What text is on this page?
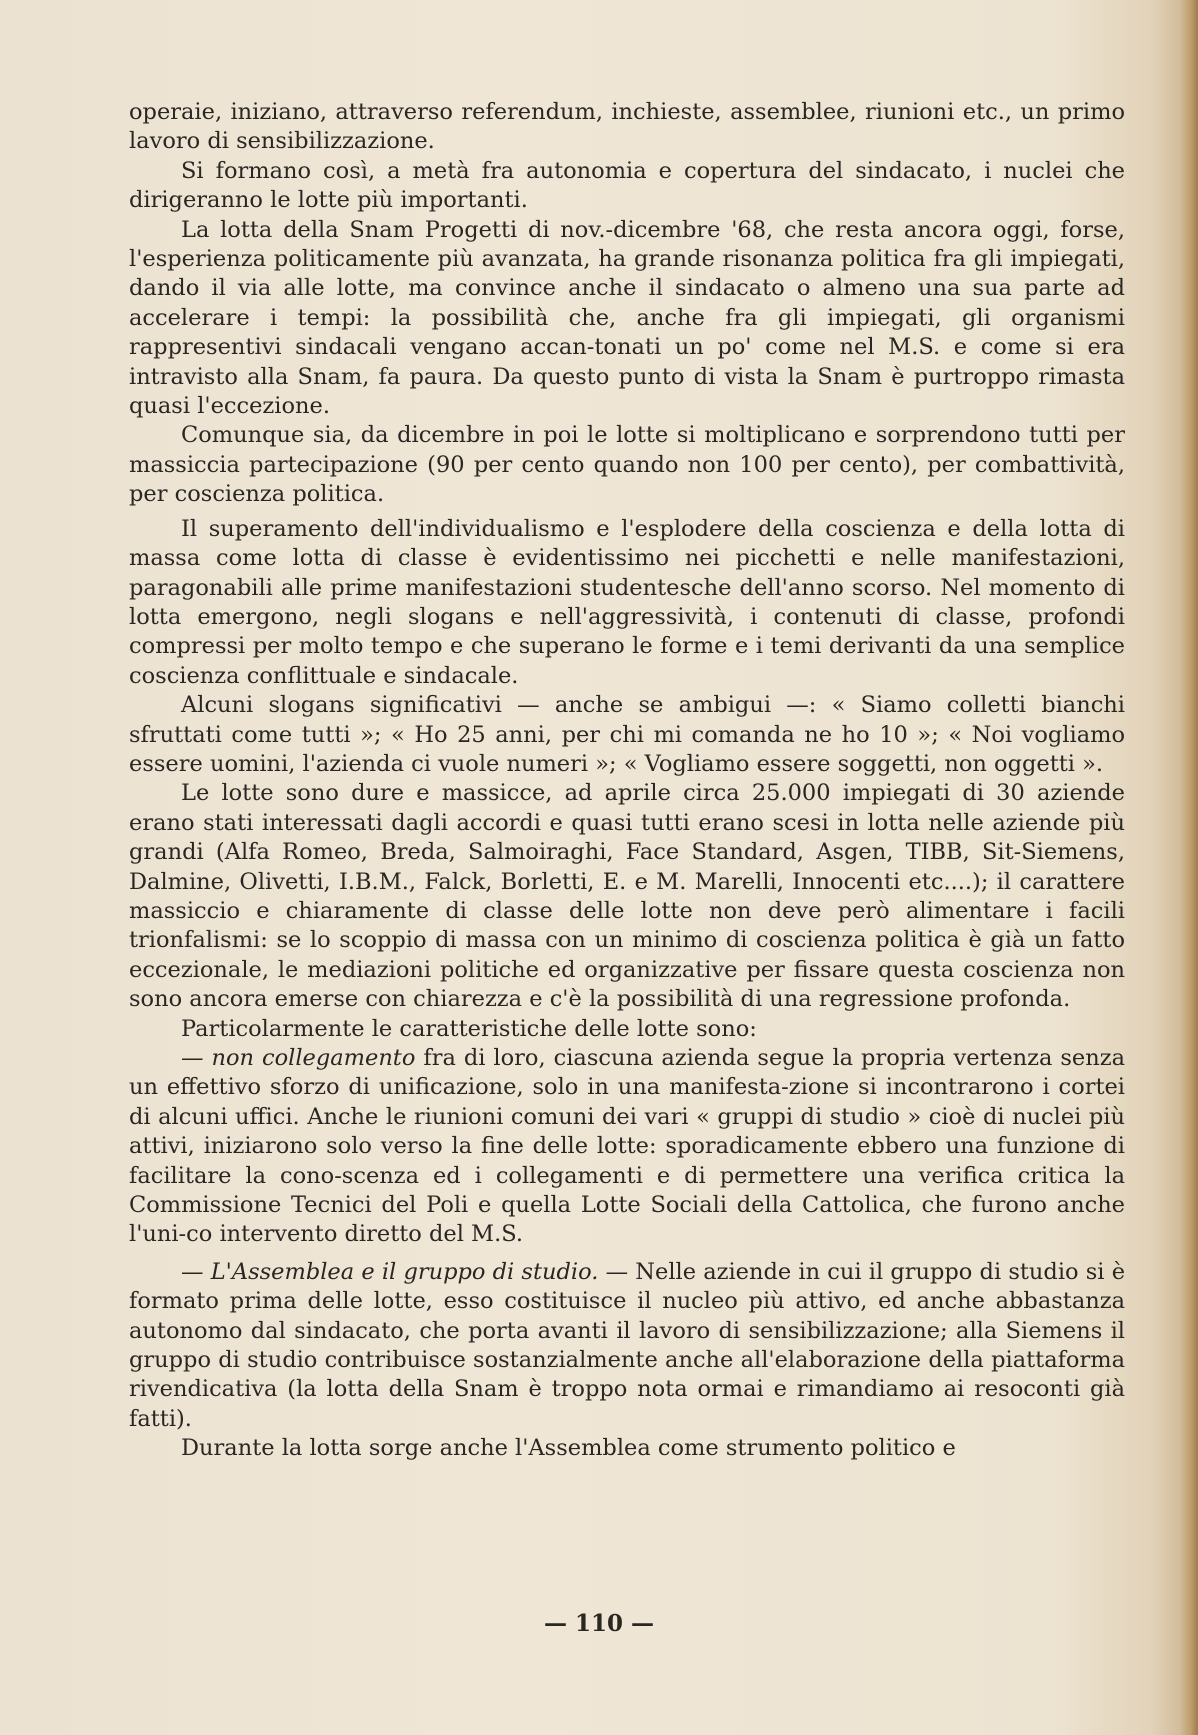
operaie, iniziano, attraverso referendum, inchieste, assemblee, riunioni etc., un primo lavoro di sensibilizzazione.

Si formano così, a metà fra autonomia e copertura del sindacato, i nuclei che dirigeranno le lotte più importanti.

La lotta della Snam Progetti di nov.-dicembre '68, che resta ancora oggi, forse, l'esperienza politicamente più avanzata, ha grande risonanza politica fra gli impiegati, dando il via alle lotte, ma convince anche il sindacato o almeno una sua parte ad accelerare i tempi: la possibilità che, anche fra gli impiegati, gli organismi rappresentivi sindacali vengano accan-tonati un po' come nel M.S. e come si era intravisto alla Snam, fa paura. Da questo punto di vista la Snam è purtroppo rimasta quasi l'eccezione.

Comunque sia, da dicembre in poi le lotte si moltiplicano e sorprendono tutti per massiccia partecipazione (90 per cento quando non 100 per cento), per combattività, per coscienza politica.

Il superamento dell'individualismo e l'esplodere della coscienza e della lotta di massa come lotta di classe è evidentissimo nei picchetti e nelle manifestazioni, paragonabili alle prime manifestazioni studentesche dell'anno scorso. Nel momento di lotta emergono, negli slogans e nell'aggressività, i contenuti di classe, profondi compressi per molto tempo e che superano le forme e i temi derivanti da una semplice coscienza conflittuale e sindacale.

Alcuni slogans significativi — anche se ambigui —: « Siamo colletti bianchi sfruttati come tutti »; « Ho 25 anni, per chi mi comanda ne ho 10 »; « Noi vogliamo essere uomini, l'azienda ci vuole numeri »; « Vogliamo essere soggetti, non oggetti ».

Le lotte sono dure e massicce, ad aprile circa 25.000 impiegati di 30 aziende erano stati interessati dagli accordi e quasi tutti erano scesi in lotta nelle aziende più grandi (Alfa Romeo, Breda, Salmoiraghi, Face Standard, Asgen, TIBB, Sit-Siemens, Dalmine, Olivetti, I.B.M., Falck, Borletti, E. e M. Marelli, Innocenti etc....); il carattere massiccio e chiaramente di classe delle lotte non deve però alimentare i facili trionfalismi: se lo scoppio di massa con un minimo di coscienza politica è già un fatto eccezionale, le mediazioni politiche ed organizzative per fissare questa coscienza non sono ancora emerse con chiarezza e c'è la possibilità di una regressione profonda.

Particolarmente le caratteristiche delle lotte sono:

— non collegamento fra di loro, ciascuna azienda segue la propria vertenza senza un effettivo sforzo di unificazione, solo in una manifesta-zione si incontrarono i cortei di alcuni uffici. Anche le riunioni comuni dei vari « gruppi di studio » cioè di nuclei più attivi, iniziarono solo verso la fine delle lotte: sporadicamente ebbero una funzione di facilitare la cono-scenza ed i collegamenti e di permettere una verifica critica la Commissione Tecnici del Poli e quella Lotte Sociali della Cattolica, che furono anche l'uni-co intervento diretto del M.S.

— L'Assemblea e il gruppo di studio. — Nelle aziende in cui il gruppo di studio si è formato prima delle lotte, esso costituisce il nucleo più attivo, ed anche abbastanza autonomo dal sindacato, che porta avanti il lavoro di sensibilizzazione; alla Siemens il gruppo di studio contribuisce sostanzialmente anche all'elaborazione della piattaforma rivendicativa (la lotta della Snam è troppo nota ormai e rimandiamo ai resoconti già fatti).

Durante la lotta sorge anche l'Assemblea come strumento politico e

— 110 —
